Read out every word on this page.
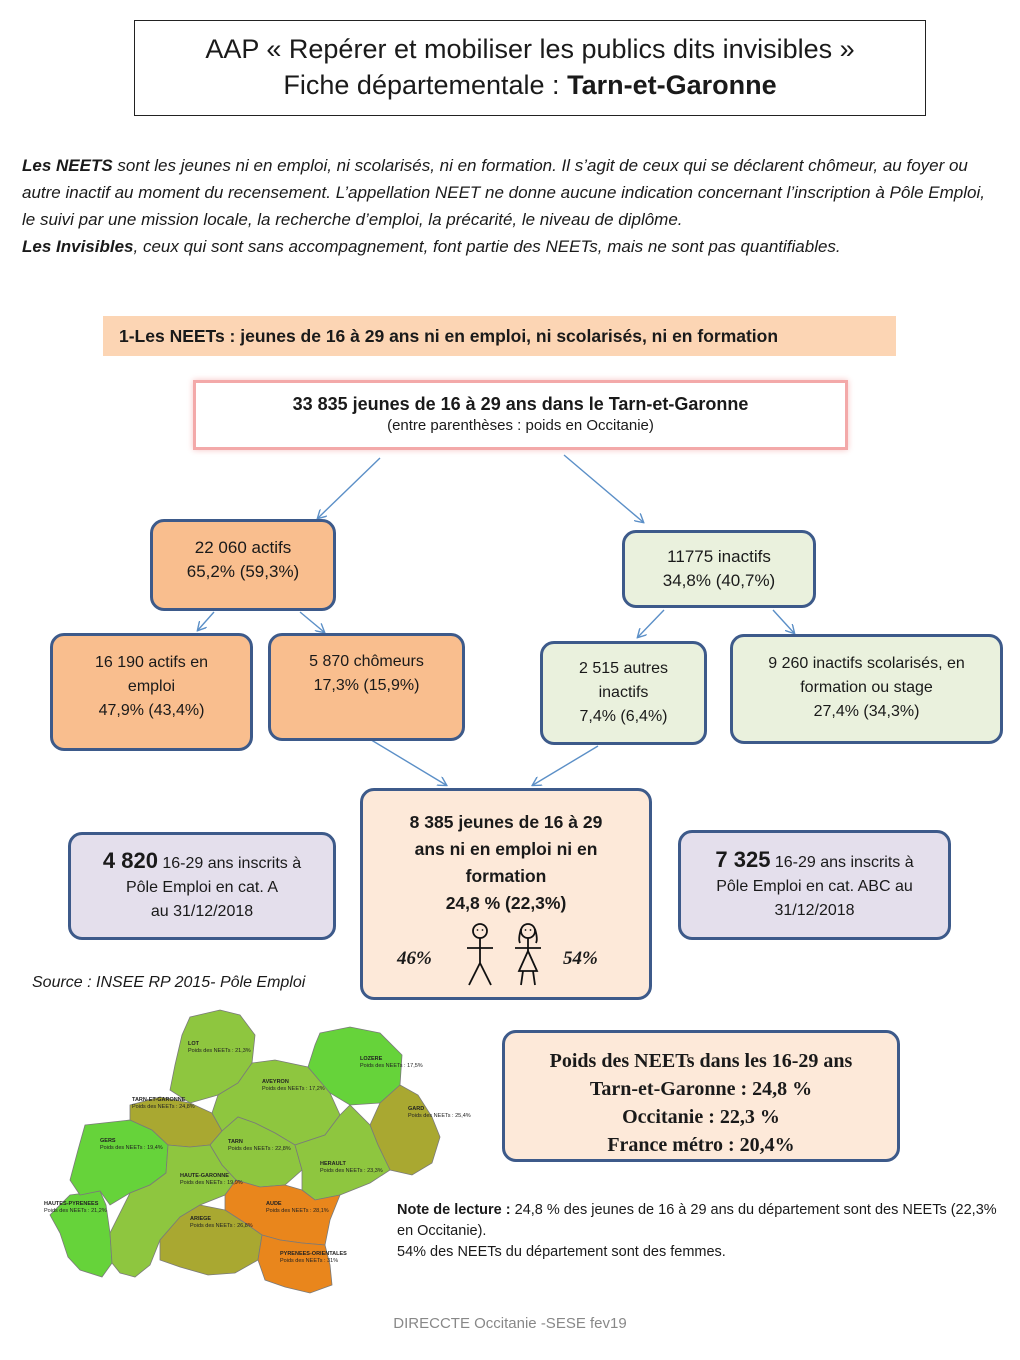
AAP « Repérer et mobiliser les publics dits invisibles »
Fiche départementale : Tarn-et-Garonne
Les NEETS sont les jeunes ni en emploi, ni scolarisés, ni en formation. Il s’agit de ceux qui se déclarent chômeur, au foyer ou autre inactif au moment du recensement. L’appellation NEET ne donne aucune indication concernant l’inscription à Pôle Emploi, le suivi par une mission locale, la recherche d’emploi, la précarité, le niveau de diplôme.
Les Invisibles, ceux qui sont sans accompagnement, font partie des NEETs, mais ne sont pas quantifiables.
1-Les NEETs : jeunes de 16 à 29 ans ni en emploi, ni scolarisés, ni en formation
33 835 jeunes de 16 à 29 ans dans le Tarn-et-Garonne
(entre parenthèses : poids en Occitanie)
22 060 actifs
65,2% (59,3%)
11775 inactifs
34,8% (40,7%)
16 190 actifs en
emploi
47,9% (43,4%)
5 870 chômeurs
17,3% (15,9%)
2 515 autres
inactifs
7,4% (6,4%)
9 260 inactifs scolarisés, en
formation ou stage
27,4% (34,3%)
4 820 16-29 ans inscrits à
Pôle Emploi en cat. A
au 31/12/2018
7 325 16-29 ans inscrits à
Pôle Emploi en cat. ABC au
31/12/2018
8 385 jeunes de 16 à 29
ans ni en emploi ni en
formation
24,8 % (22,3%)
46%	54%
Source : INSEE RP 2015- Pôle Emploi
LOT
Poids des NEETs : 21,3%
LOZERE
Poids des NEETs : 17,5%
AVEYRON
Poids des NEETs : 17,2%
TARN-ET-GARONNE
Poids des NEETs : 24,8%	GARD
Poids des NEETs : 25,4%
GERS
Poids des NEETs : 19,4%
TARN
Poids des NEETs : 22,8%
HAUTE-GARONNE
Poids des NEETs : 19,9%
HERAULT
Poids des NEETs : 23,3%
HAUTES-PYRENEES
Poids des NEETs : 21,2%
AUDE
Poids des NEETs : 28,1%
ARIEGE
Poids des NEETs : 26,8%
PYRENEES-ORIENTALES
Poids des NEETs : 31%
Poids des NEETs dans les 16-29 ans
Tarn-et-Garonne : 24,8 %
Occitanie : 22,3 %
France métro : 20,4%
Note de lecture : 24,8 % des jeunes de 16 à 29 ans du département sont des NEETs (22,3% en Occitanie).
54% des NEETs du département sont des femmes.
DIRECCTE Occitanie -SESE fev19
